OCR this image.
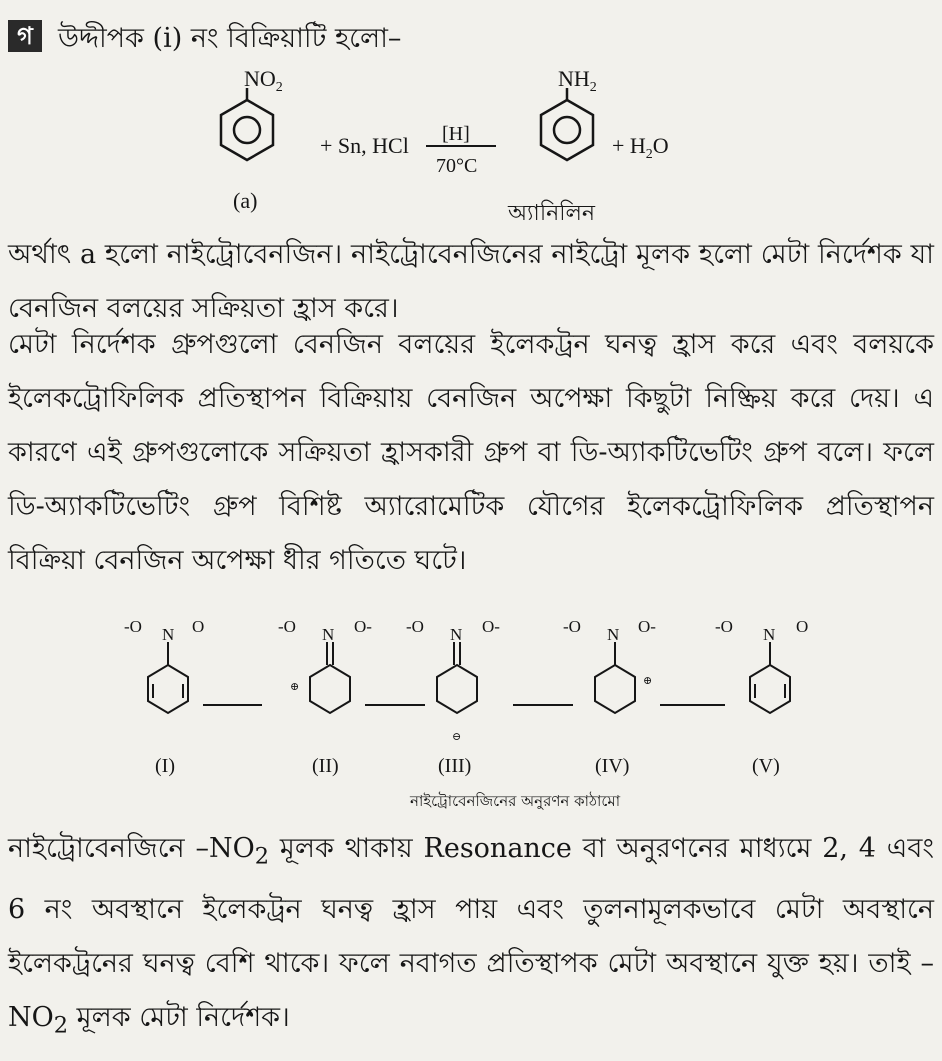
গ উদ্দীপক (i) নং বিক্রিয়াটি হলো–
$NO_2$
(a)
+ Sn, HCl [H]
70°C
$NH_2$
+ $H_2O$
অ্যানিলিন
-O N O	-O N O- -O N O-	-O N O-	-O N O
⊕
⊖
⊕
(I)	(II)	(III)	(IV)	(V)
নাইট্রোবেনজিনের অনুরণন কাঠামো
অর্থাৎ a হলো নাইট্রোবেনজিন। নাইট্রোবেনজিনের নাইট্রো মূলক হলো মেটা নির্দেশক যা বেনজিন বলয়ের সক্রিয়তা হ্রাস করে।
মেটা নির্দেশক গ্রুপগুলো বেনজিন বলয়ের ইলেকট্রন ঘনত্ব হ্রাস করে এবং বলয়কে ইলেকট্রোফিলিক প্রতিস্থাপন বিক্রিয়ায় বেনজিন অপেক্ষা কিছুটা নিষ্ক্রিয় করে দেয়। এ কারণে এই গ্রুপগুলোকে সক্রিয়তা হ্রাসকারী গ্রুপ বা ডি-অ্যাকটিভেটিং গ্রুপ বলে। ফলে ডি-অ্যাকটিভেটিং গ্রুপ বিশিষ্ট অ্যারোমেটিক যৌগের ইলেকট্রোফিলিক প্রতিস্থাপন বিক্রিয়া বেনজিন অপেক্ষা ধীর গতিতে ঘটে।
নাইট্রোবেনজিনে $-NO_2$ মূলক থাকায় Resonance বা অনুরণনের মাধ্যমে 2, 4 এবং 6 নং অবস্থানে ইলেকট্রন ঘনত্ব হ্রাস পায় এবং তুলনামূলকভাবে মেটা অবস্থানে ইলেকট্রনের ঘনত্ব বেশি থাকে। ফলে নবাগত প্রতিস্থাপক মেটা অবস্থানে যুক্ত হয়। তাই $-NO_2$ মূলক মেটা নির্দেশক।
